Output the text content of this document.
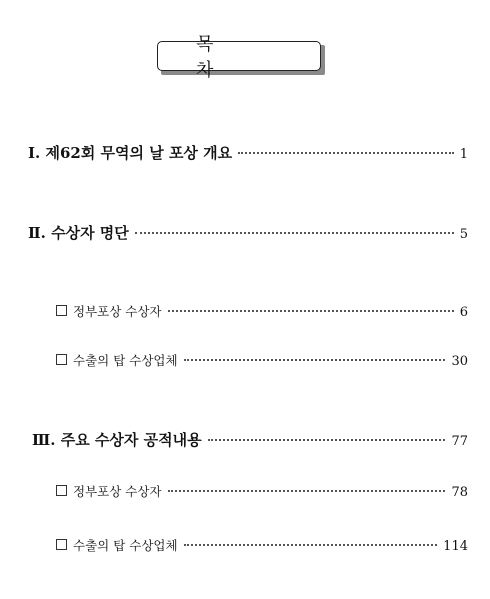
목 차
Ⅰ. 제62회 무역의 날 포상 개요	1
Ⅱ. 수상자 명단	5
정부포상 수상자	6
수출의 탑 수상업체	30
Ⅲ. 주요 수상자 공적내용	77
정부포상 수상자	78
수출의 탑 수상업체	114
